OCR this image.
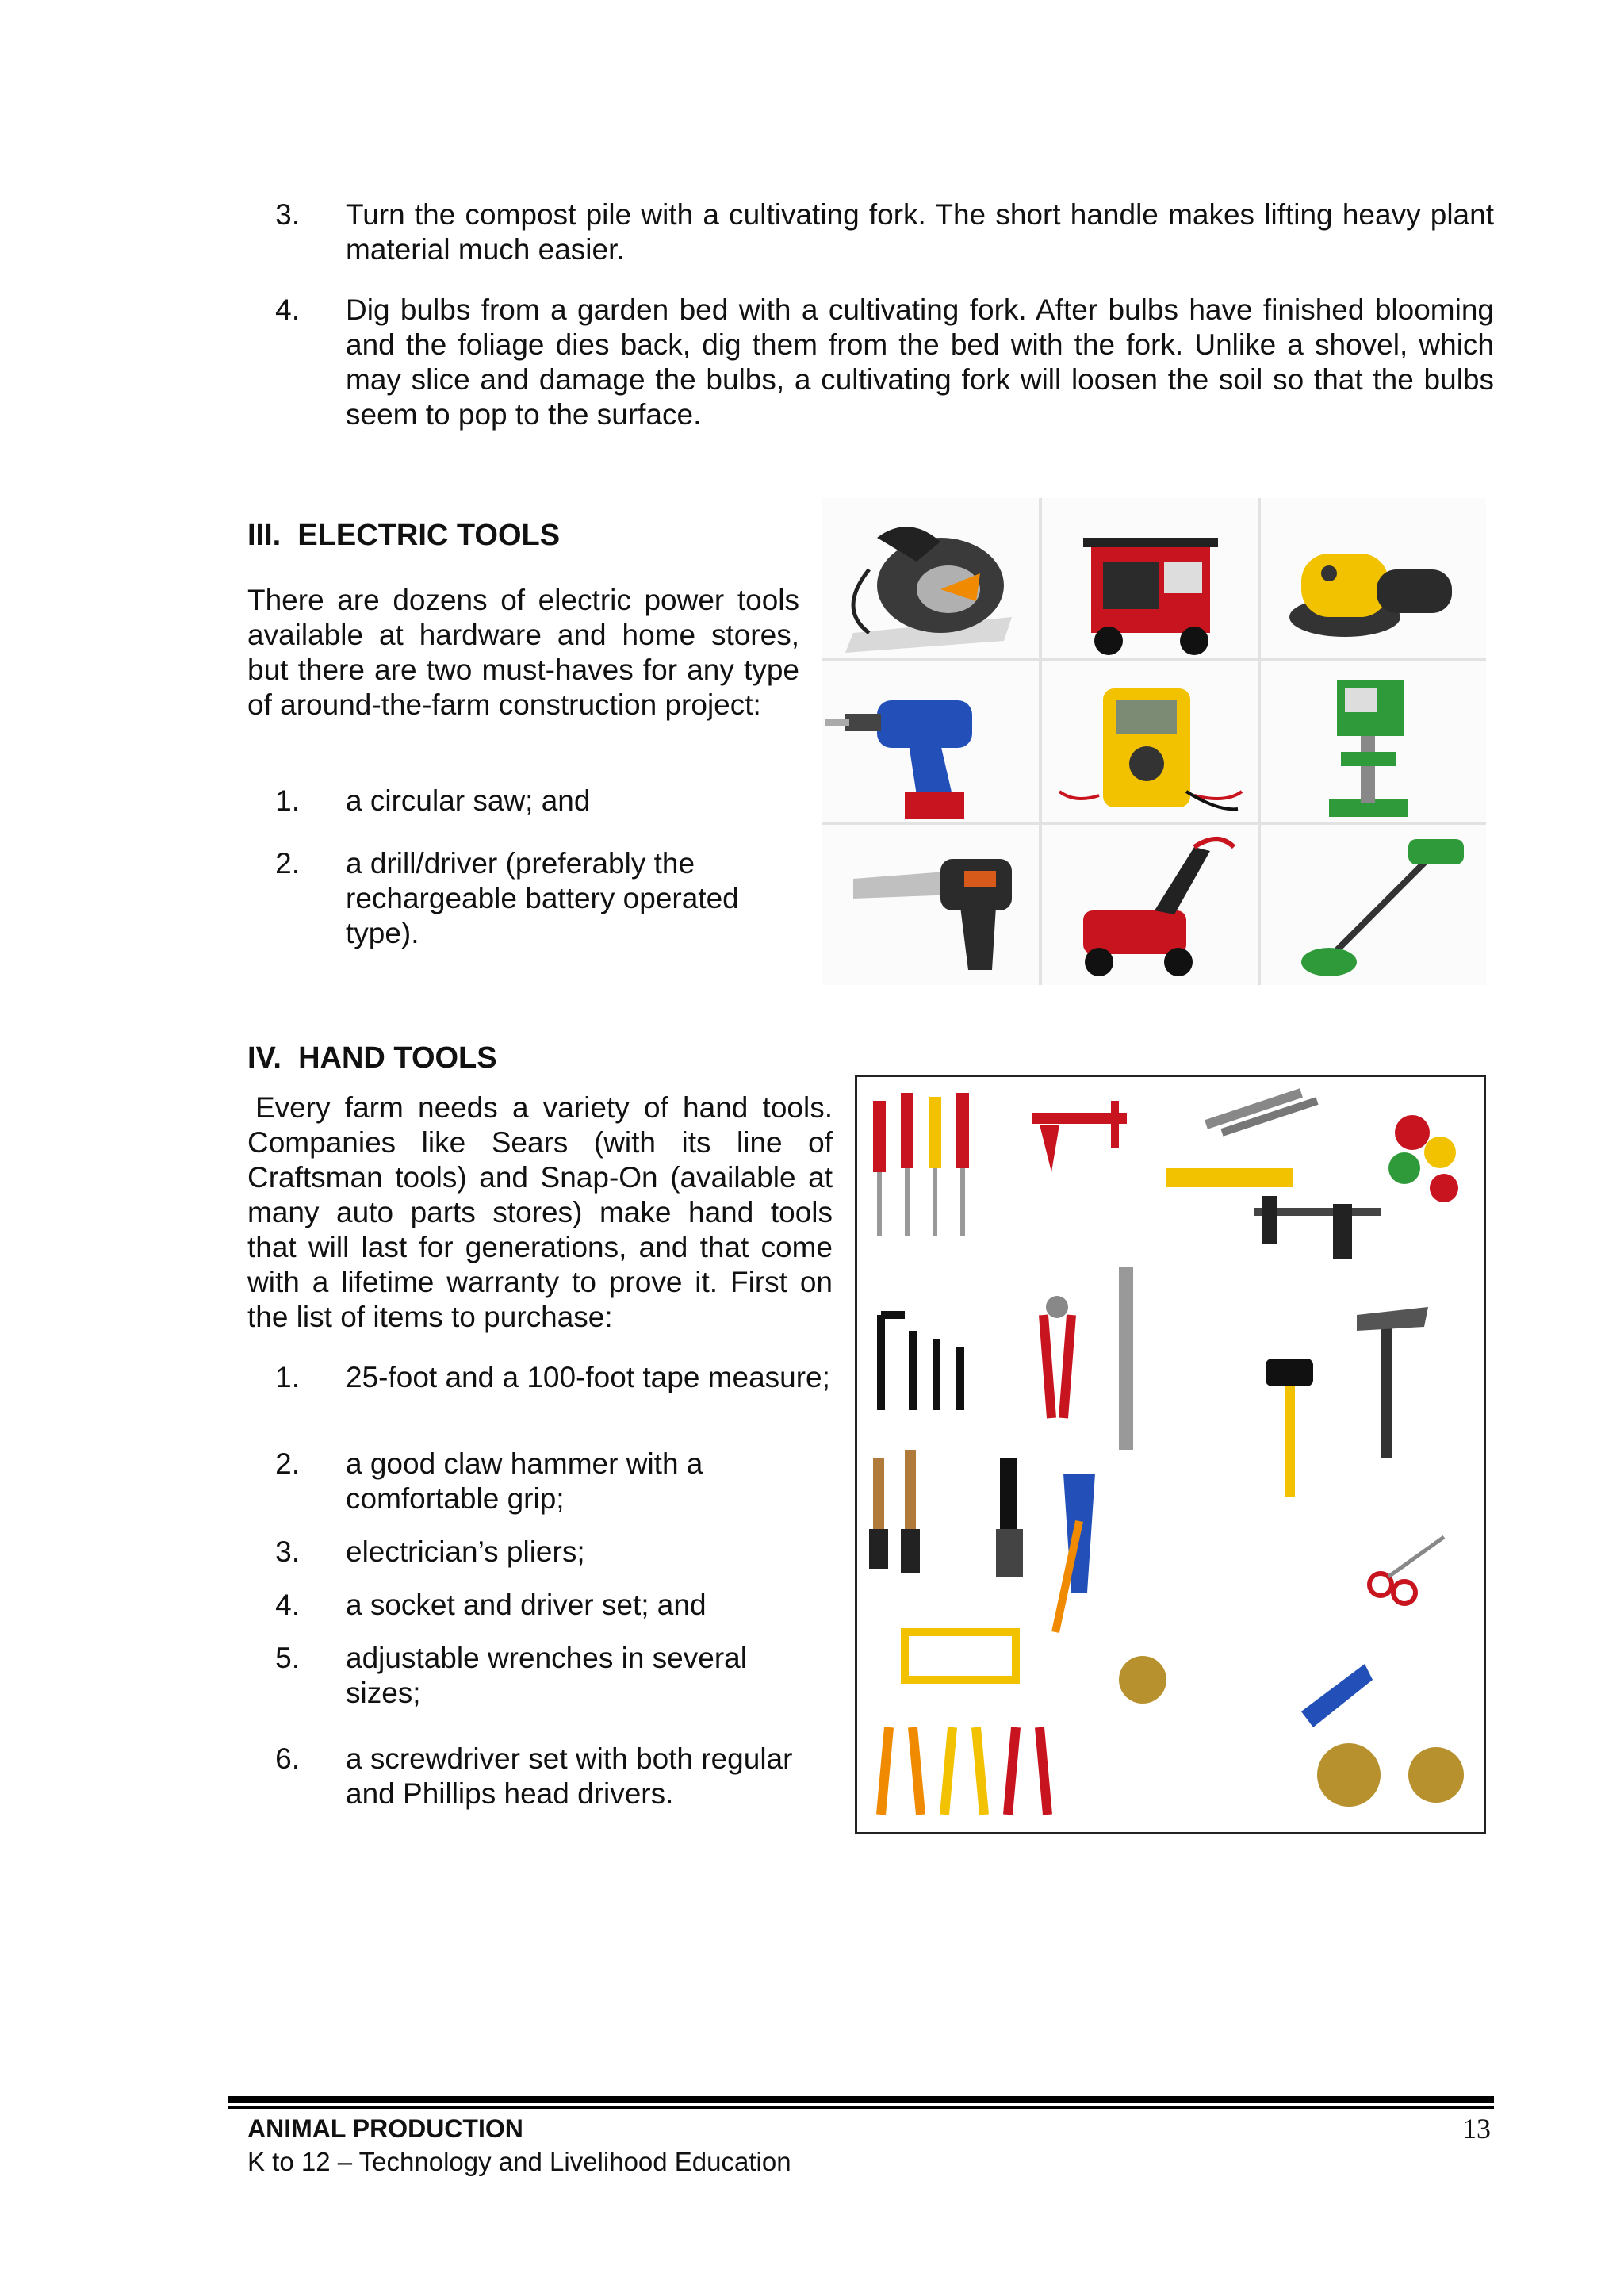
3. Turn the compost pile with a cultivating fork. The short handle makes lifting heavy plant material much easier.
4. Dig bulbs from a garden bed with a cultivating fork. After bulbs have finished blooming and the foliage dies back, dig them from the bed with the fork. Unlike a shovel, which may slice and damage the bulbs, a cultivating fork will loosen the soil so that the bulbs seem to pop to the surface.
III.  ELECTRIC TOOLS

There are dozens of electric power tools available at hardware and home stores, but there are two must-haves for any type of around-the-farm construction project:

1. a circular saw; and
2. a drill/driver (preferably the rechargeable battery operated type).
IV.  HAND TOOLS

Every farm needs a variety of hand tools. Companies like Sears (with its line of Craftsman tools) and Snap-On (available at many auto parts stores) make hand tools that will last for generations, and that come with a lifetime warranty to prove it. First on the list of items to purchase:

1. 25-foot and a 100-foot tape measure;
2. a good claw hammer with a comfortable grip;
3. electrician’s pliers;
4. a socket and driver set; and
5. adjustable wrenches in several sizes;
6. a screwdriver set with both regular and Phillips head drivers.
ANIMAL PRODUCTION
K to 12 – Technology and Livelihood Education
13
